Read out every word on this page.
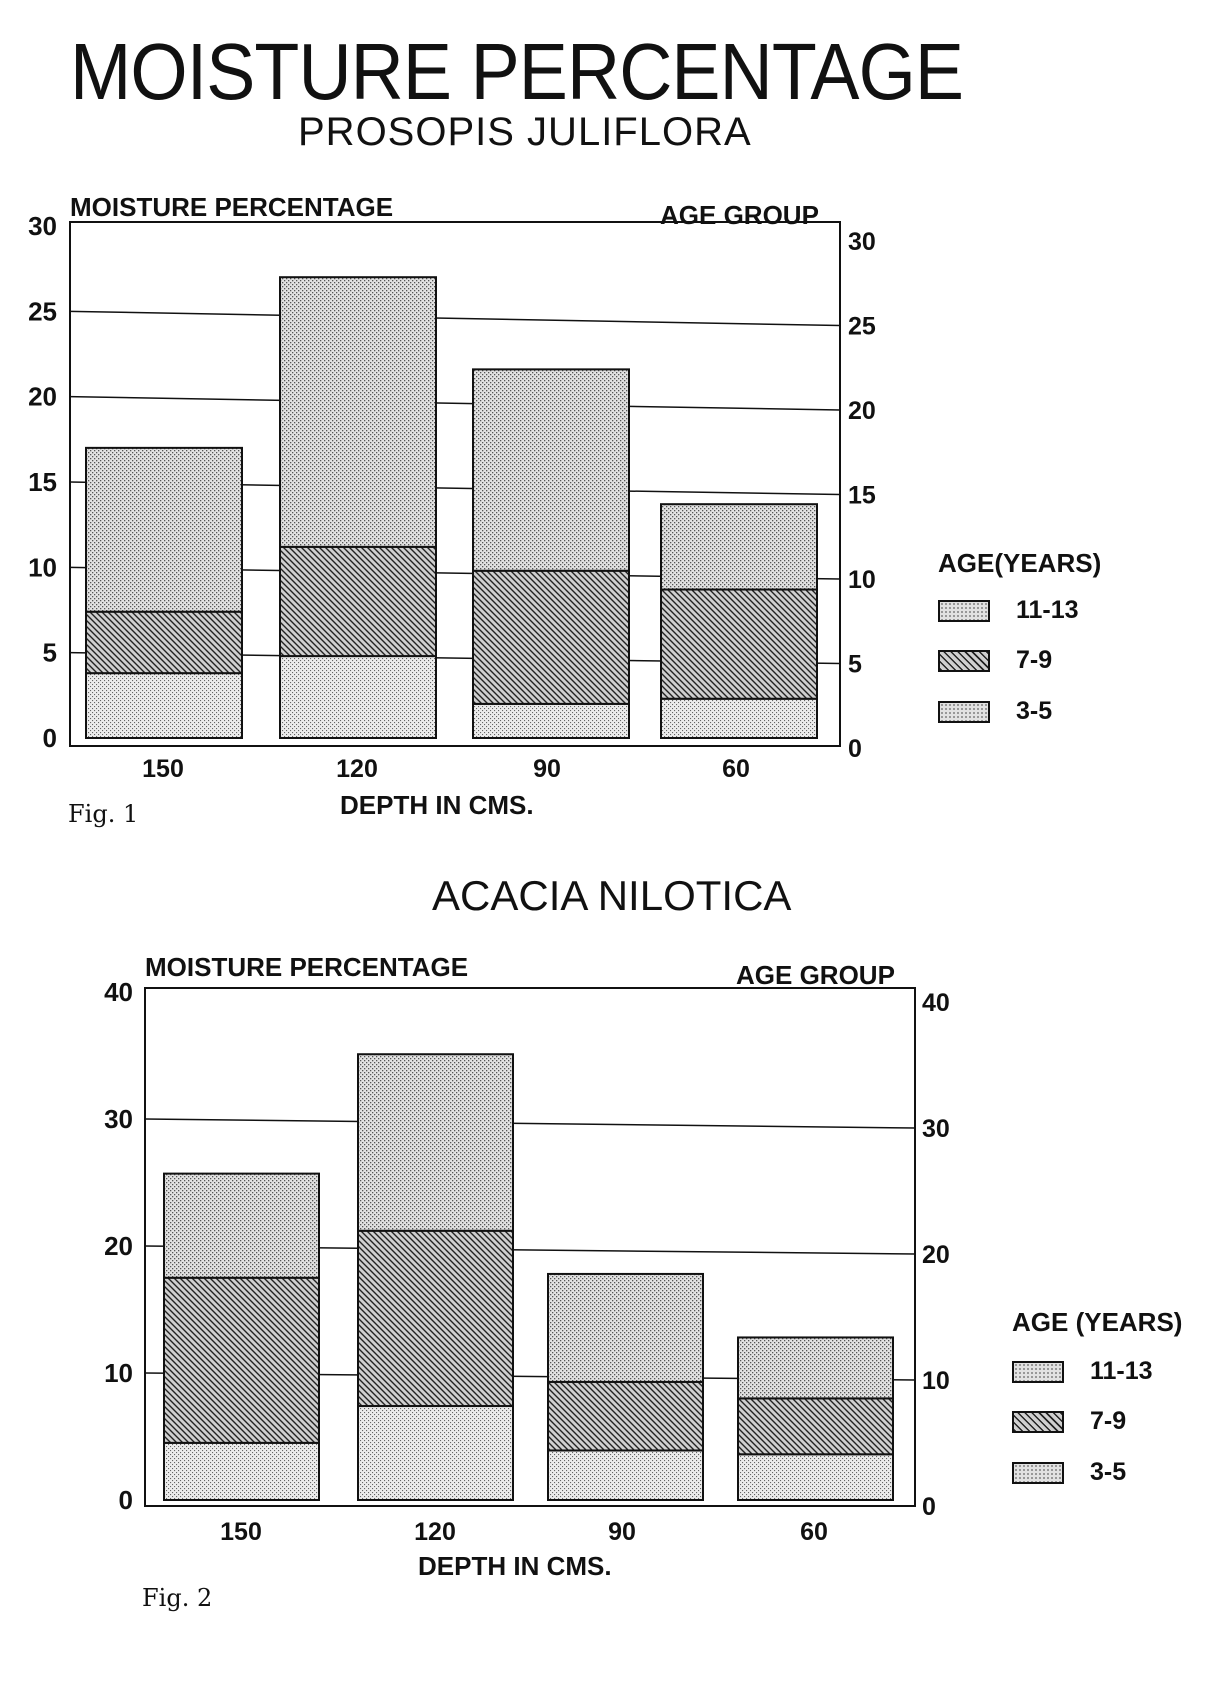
MOISTURE PERCENTAGE
PROSOPIS JULIFLORA
ACACIA NILOTICA
MOISTURE PERCENTAGE	AGE GROUP
DEPTH IN CMS.
Fig. 1
AGE(YEARS)
11-13
7-9
3-5
MOISTURE PERCENTAGE	AGE GROUP
DEPTH IN CMS.
Fig. 2
AGE (YEARS)
11-13
7-9
3-5
30
25
20
15
10
5
0
30
25
20
15
10
5
0
150	120	90	60
40
30
20
10
0
40
30
20
10
0
150	120	90	60
